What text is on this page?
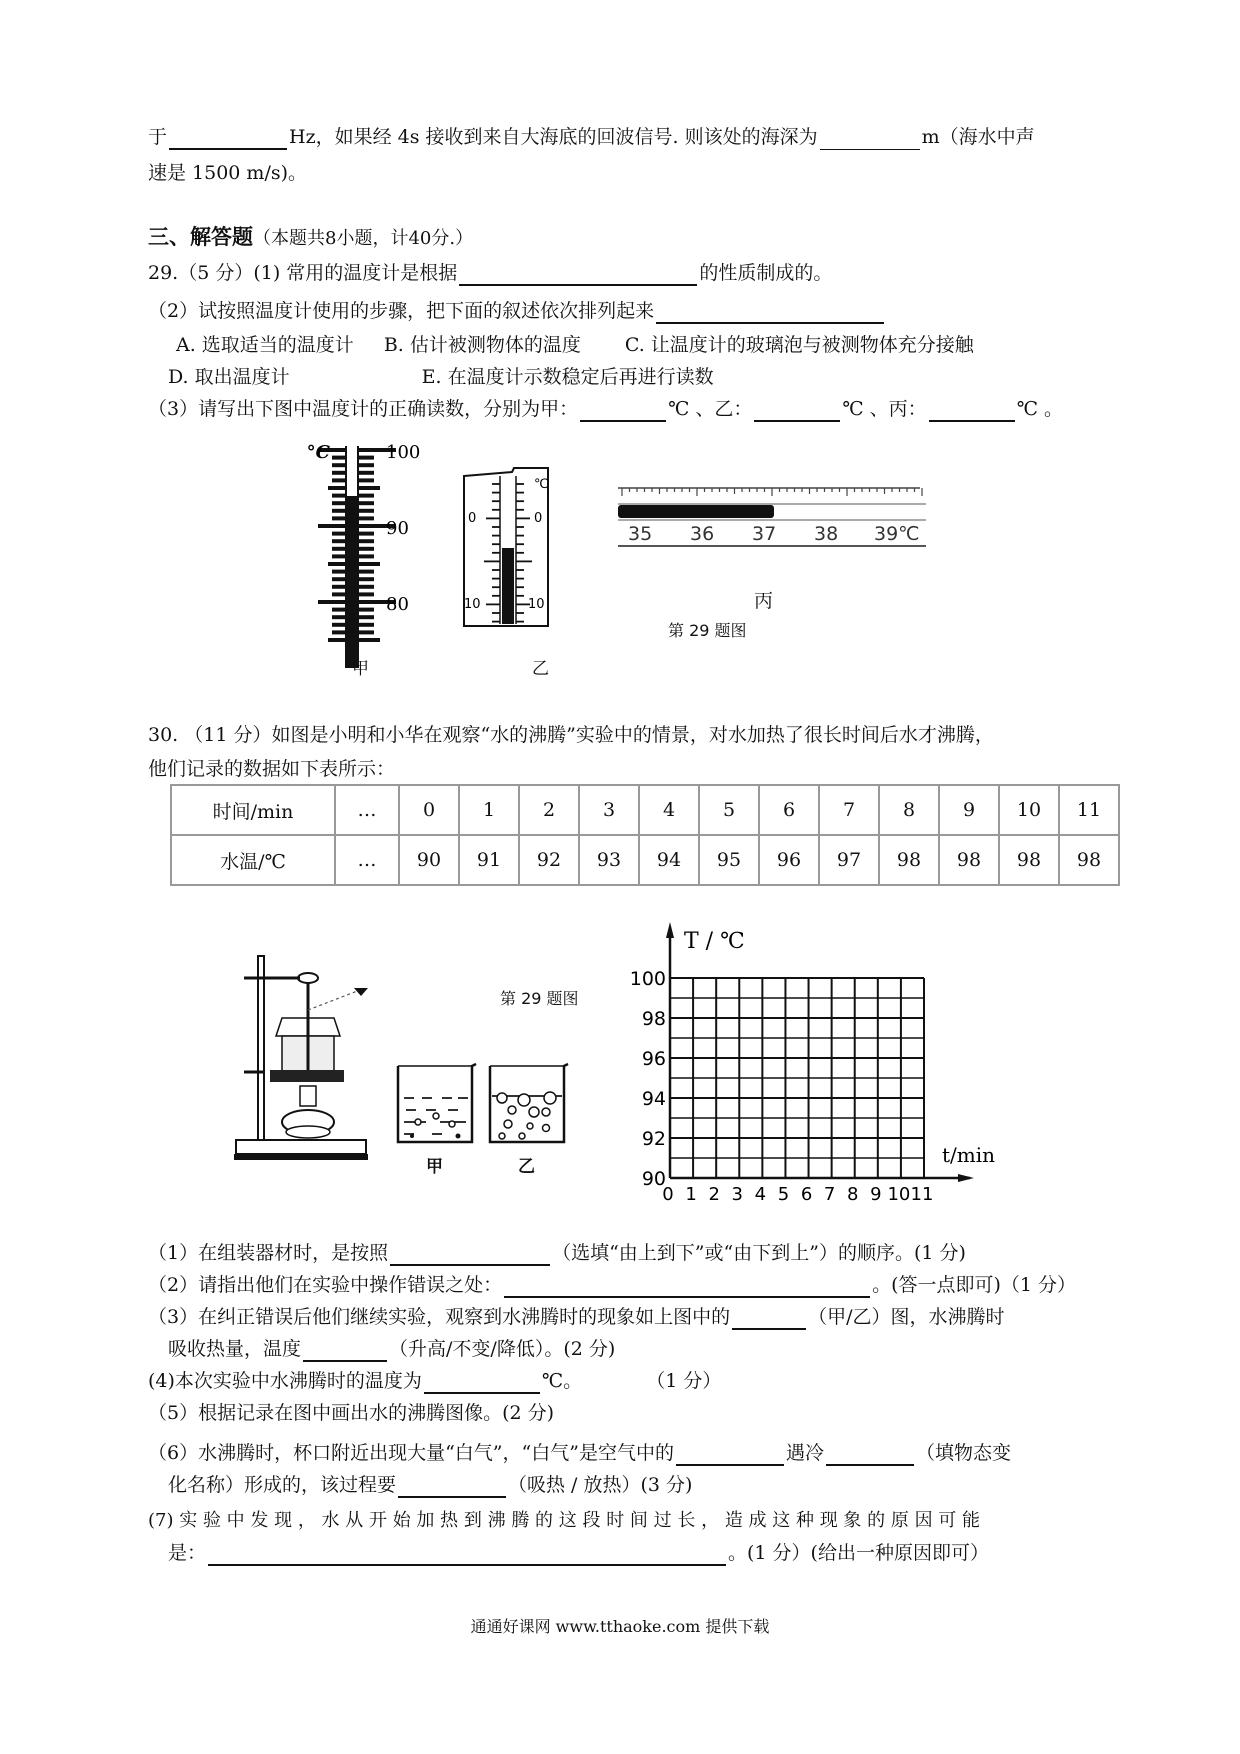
于	Hz，如果经 4s 接收到来自大海底的回波信号. 则该处的海深为	m（海水中声
速是 1500 m/s)。
三、解答题（本题共8小题，计40分.）
29.（5 分）(1) 常用的温度计是根据	的性质制成的。
（2）试按照温度计使用的步骤，把下面的叙述依次排列起来
A. 选取适当的温度计 B. 估计被测物体的温度 C. 让温度计的玻璃泡与被测物体充分接触
D. 取出温度计	E. 在温度计示数稳定后再进行读数
（3）请写出下图中温度计的正确读数，分别为甲：	℃ 、乙：	℃ 、丙：	℃ 。
°C	100
90
80
甲
℃
0	0
10	10
乙
35 36 37 38 39℃
丙
第 29 题图
30. （11 分）如图是小明和小华在观察“水的沸腾”实验中的情景，对水加热了很长时间后水才沸腾，
他们记录的数据如下表所示：
时间/min	…	0	1	2	3	4	5	6	7	8	9	10	11
水温/℃	…	90	91	92	93	94	95	96	97	98	98	98	98
第 29 题图
甲	乙
90
92
94
96
98
100
0 1 2 3 4 5 6 7 8 9 10 11
T / ℃
t/min
（1）在组装器材时，是按照	（选填“由上到下”或“由下到上”）的顺序。(1 分)
（2）请指出他们在实验中操作错误之处：	。(答一点即可)（1 分）
（3）在纠正错误后他们继续实验，观察到水沸腾时的现象如上图中的	（甲/乙）图，水沸腾时
吸收热量，温度	（升高/不变/降低）。(2 分)
(4)本次实验中水沸腾时的温度为	℃。	（1 分）
（5）根据记录在图中画出水的沸腾图像。(2 分)
（6）水沸腾时，杯口附近出现大量“白气”，“白气”是空气中的	遇冷	（填物态变
化名称）形成的，该过程要	（吸热 / 放热）(3 分)
(7) 实 验 中 发 现 ， 水 从 开 始 加 热 到 沸 腾 的 这 段 时 间 过 长 ， 造 成 这 种 现 象 的 原 因 可 能
是：	。(1 分）(给出一种原因即可）
通通好课网 www.tthaoke.com 提供下载
